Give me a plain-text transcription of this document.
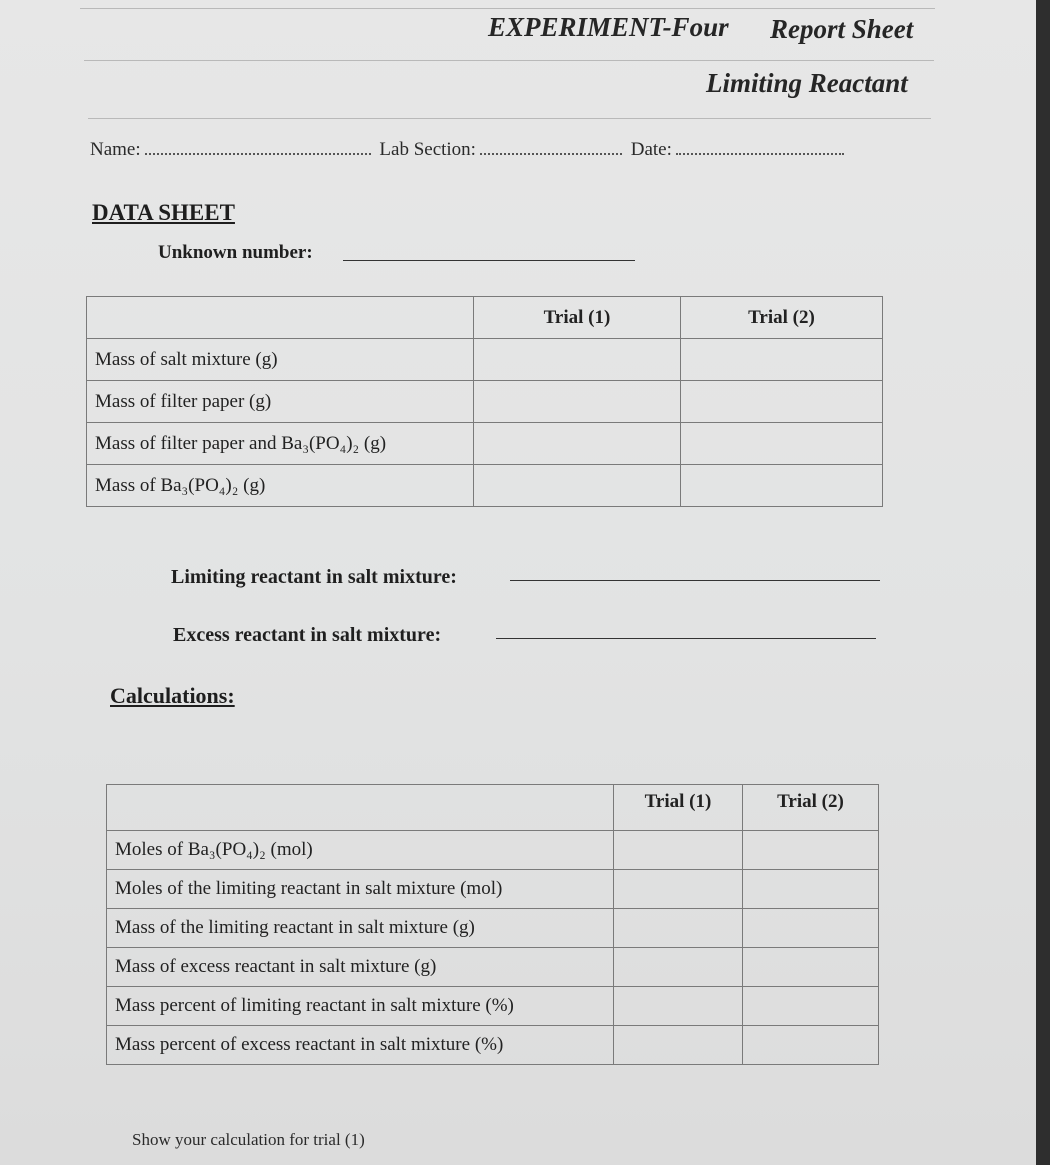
EXPERIMENT-Four Report Sheet
Limiting Reactant
Name:	Lab Section:	Date:
DATA SHEET
Unknown number:
	Trial (1)	Trial (2)
Mass of salt mixture (g)		
Mass of filter paper (g)		
Mass of filter paper and Ba₃(PO₄)₂ (g)		
Mass of Ba₃(PO₄)₂ (g)		
Limiting reactant in salt mixture:
Excess reactant in salt mixture:
Calculations:
	Trial (1)	Trial (2)
Moles of Ba₃(PO₄)₂ (mol)		
Moles of the limiting reactant in salt mixture (mol)		
Mass of the limiting reactant in salt mixture (g)		
Mass of excess reactant in salt mixture (g)		
Mass percent of limiting reactant in salt mixture (%)		
Mass percent of excess reactant in salt mixture (%)		
Show your calculation for trial (1)
